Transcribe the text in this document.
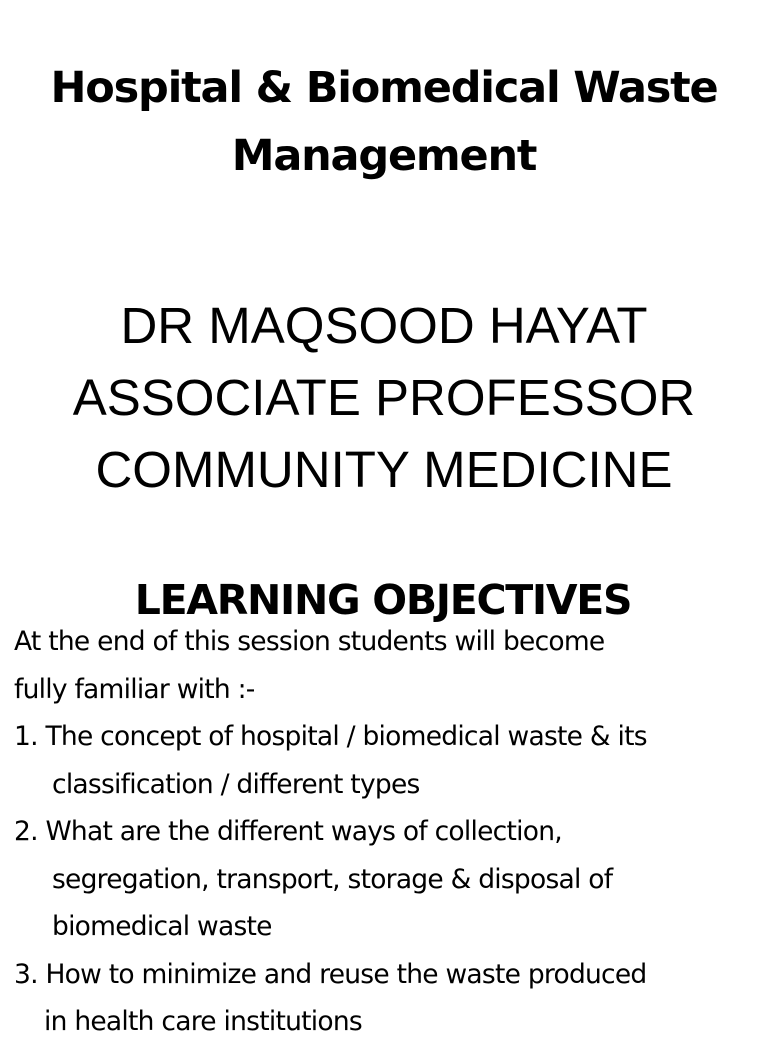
Hospital & Biomedical Waste
Management
DR MAQSOOD HAYAT
ASSOCIATE PROFESSOR
COMMUNITY MEDICINE
LEARNING OBJECTIVES
At the end of this session students will become
fully familiar with :-
1. The concept of hospital / biomedical waste & its
classification / different types
2. What are the different ways of collection,
segregation, transport, storage & disposal of
biomedical waste
3. How to minimize and reuse the waste produced
in health care institutions
